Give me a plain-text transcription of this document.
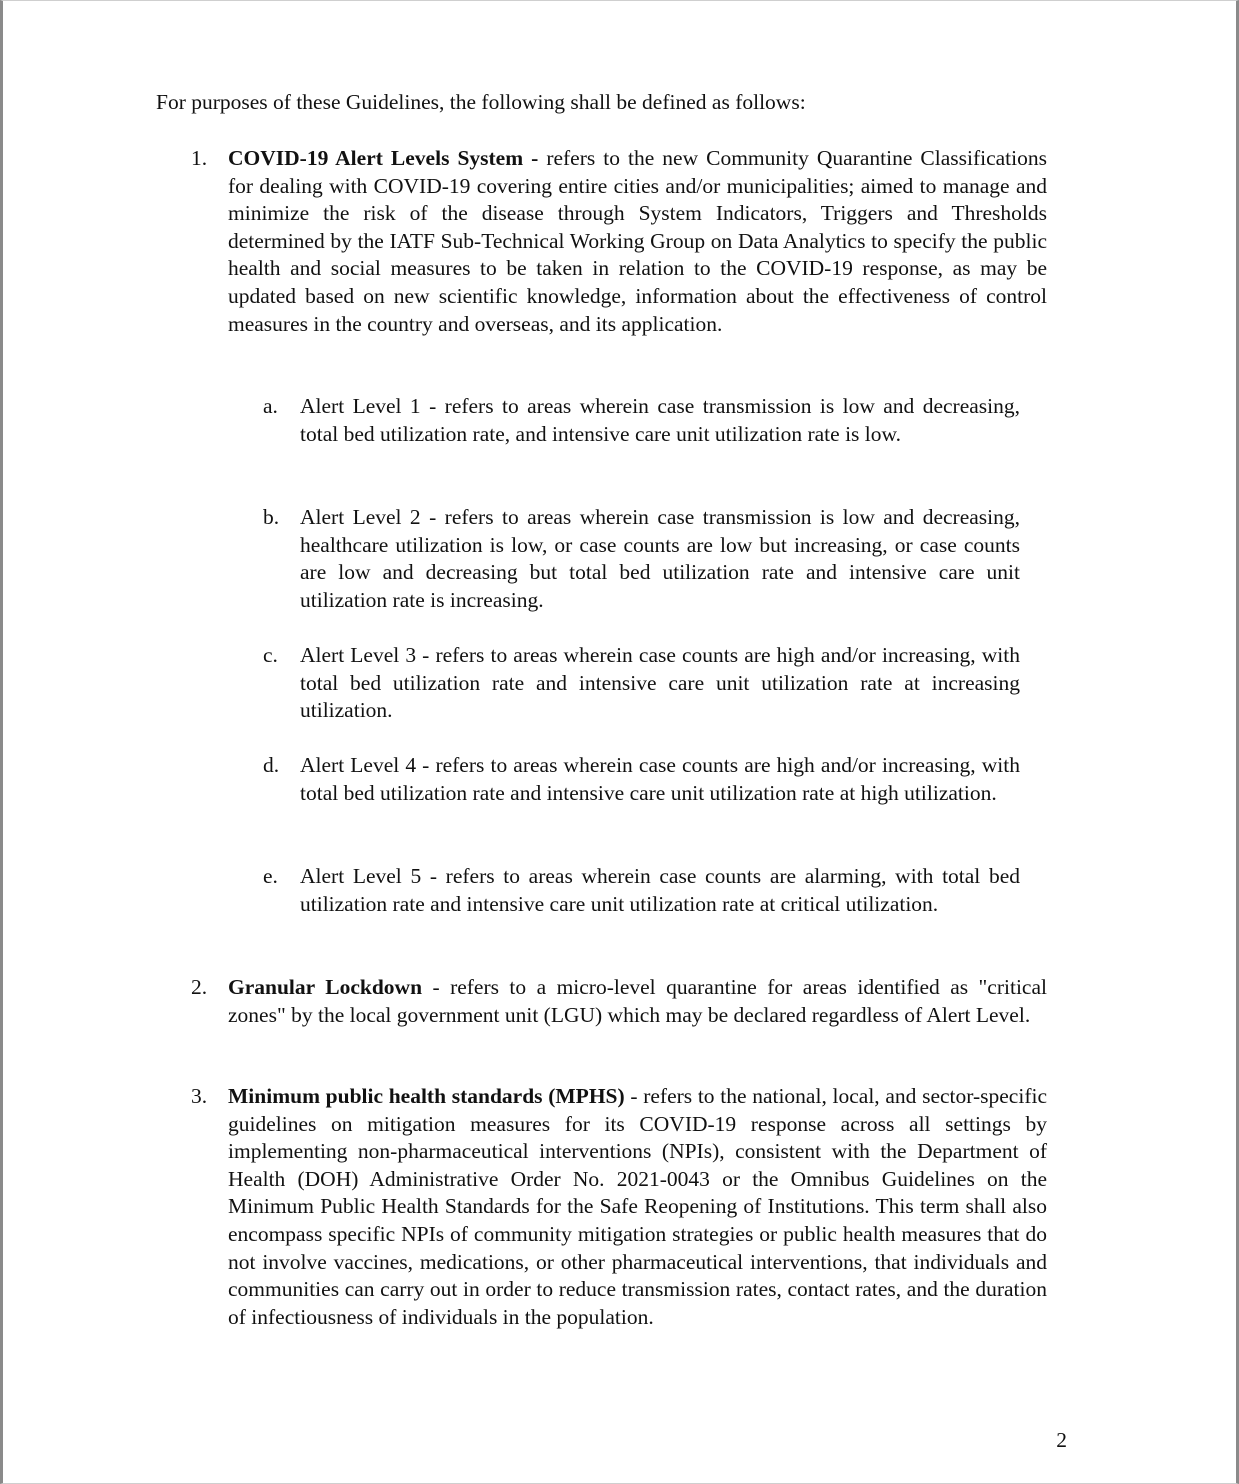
For purposes of these Guidelines, the following shall be defined as follows:

1. COVID-19 Alert Levels System - refers to the new Community Quarantine Classifications for dealing with COVID-19 covering entire cities and/or municipalities; aimed to manage and minimize the risk of the disease through System Indicators, Triggers and Thresholds determined by the IATF Sub-Technical Working Group on Data Analytics to specify the public health and social measures to be taken in relation to the COVID-19 response, as may be updated based on new scientific knowledge, information about the effectiveness of control measures in the country and overseas, and its application.

a. Alert Level 1 - refers to areas wherein case transmission is low and decreasing, total bed utilization rate, and intensive care unit utilization rate is low.

b. Alert Level 2 - refers to areas wherein case transmission is low and decreasing, healthcare utilization is low, or case counts are low but increasing, or case counts are low and decreasing but total bed utilization rate and intensive care unit utilization rate is increasing.

c. Alert Level 3 - refers to areas wherein case counts are high and/or increasing, with total bed utilization rate and intensive care unit utilization rate at increasing utilization.

d. Alert Level 4 - refers to areas wherein case counts are high and/or increasing, with total bed utilization rate and intensive care unit utilization rate at high utilization.

e. Alert Level 5 - refers to areas wherein case counts are alarming, with total bed utilization rate and intensive care unit utilization rate at critical utilization.

2. Granular Lockdown - refers to a micro-level quarantine for areas identified as "critical zones" by the local government unit (LGU) which may be declared regardless of Alert Level.

3. Minimum public health standards (MPHS) - refers to the national, local, and sector-specific guidelines on mitigation measures for its COVID-19 response across all settings by implementing non-pharmaceutical interventions (NPIs), consistent with the Department of Health (DOH) Administrative Order No. 2021-0043 or the Omnibus Guidelines on the Minimum Public Health Standards for the Safe Reopening of Institutions. This term shall also encompass specific NPIs of community mitigation strategies or public health measures that do not involve vaccines, medications, or other pharmaceutical interventions, that individuals and communities can carry out in order to reduce transmission rates, contact rates, and the duration of infectiousness of individuals in the population.

2
